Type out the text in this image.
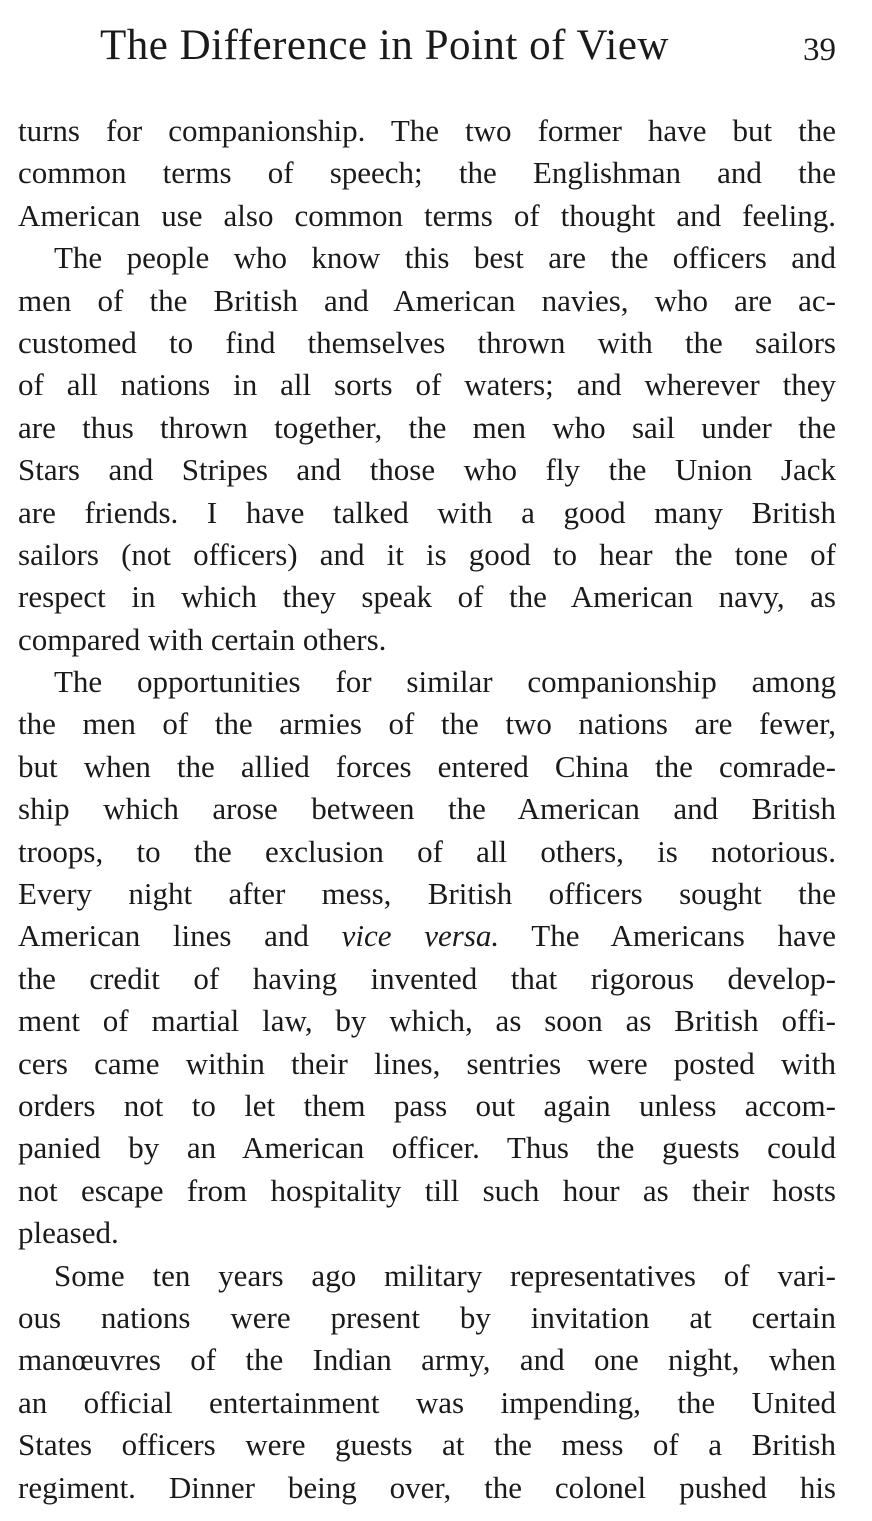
The Difference in Point of View	39
turns for companionship. The two former have but the
common terms of speech; the Englishman and the
American use also common terms of thought and feeling.
The people who know this best are the officers and
men of the British and American navies, who are ac-
customed to find themselves thrown with the sailors
of all nations in all sorts of waters; and wherever they
are thus thrown together, the men who sail under the
Stars and Stripes and those who fly the Union Jack
are friends. I have talked with a good many British
sailors (not officers) and it is good to hear the tone of
respect in which they speak of the American navy, as
compared with certain others.
The opportunities for similar companionship among
the men of the armies of the two nations are fewer,
but when the allied forces entered China the comrade-
ship which arose between the American and British
troops, to the exclusion of all others, is notorious.
Every night after mess, British officers sought the
American lines and vice versa. The Americans have
the credit of having invented that rigorous develop-
ment of martial law, by which, as soon as British offi-
cers came within their lines, sentries were posted with
orders not to let them pass out again unless accom-
panied by an American officer. Thus the guests could
not escape from hospitality till such hour as their hosts
pleased.
Some ten years ago military representatives of vari-
ous nations were present by invitation at certain
manœuvres of the Indian army, and one night, when
an official entertainment was impending, the United
States officers were guests at the mess of a British
regiment. Dinner being over, the colonel pushed his
